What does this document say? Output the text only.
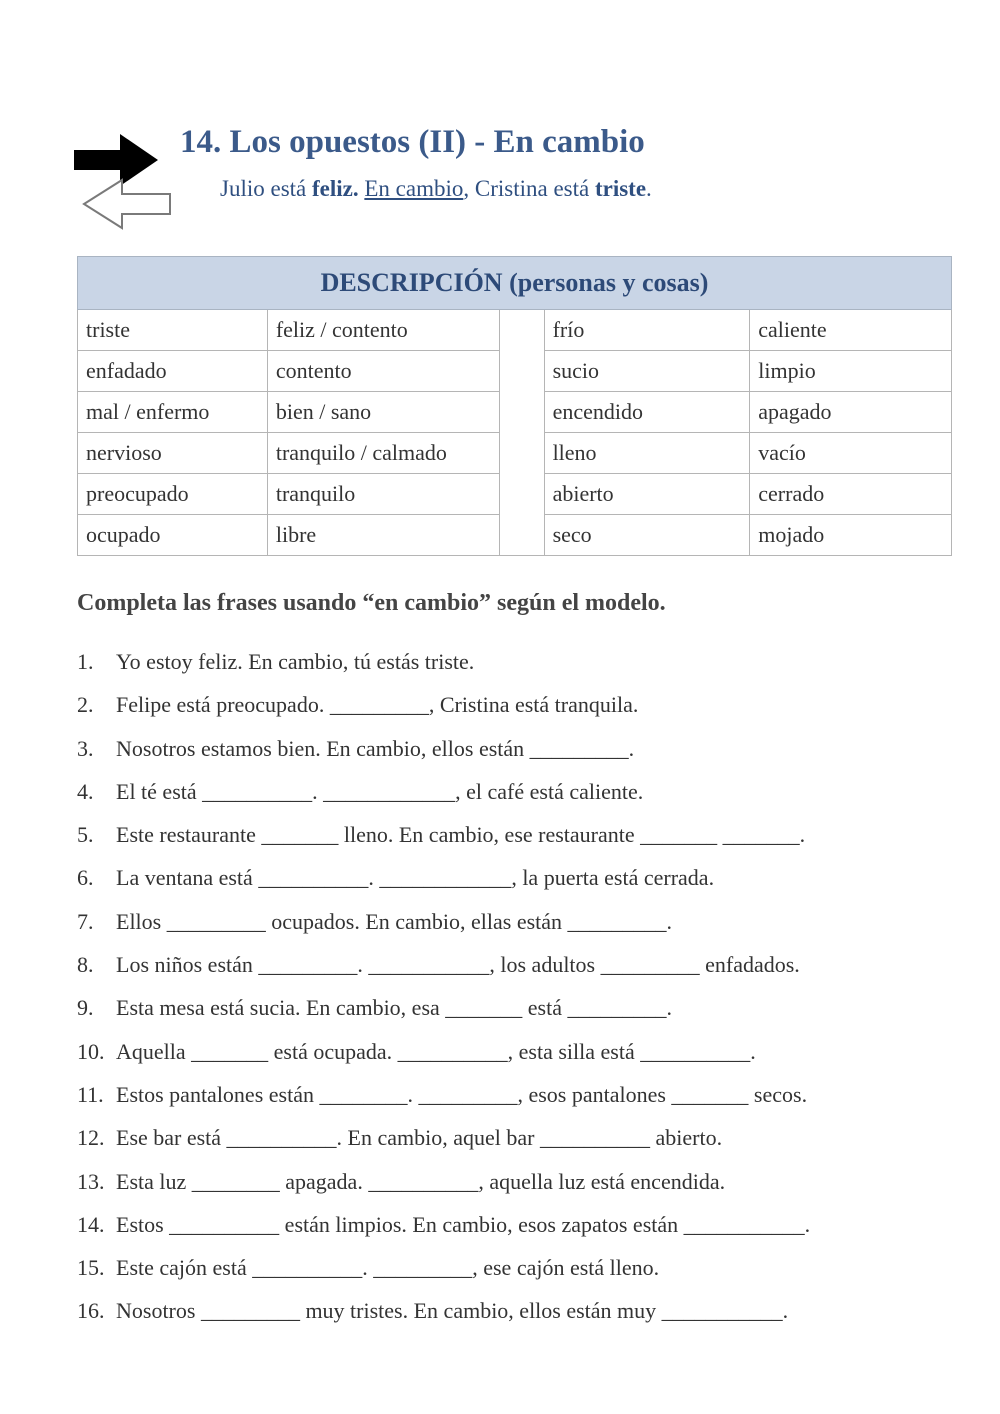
14. Los opuestos (II) - En cambio
Julio está feliz. En cambio, Cristina está triste.
DESCRIPCIÓN (personas y cosas)				
triste	feliz / contento		frío	caliente
enfadado	contento		sucio	limpio
mal / enfermo	bien / sano		encendido	apagado
nervioso	tranquilo / calmado		lleno	vacío
preocupado	tranquilo		abierto	cerrado
ocupado	libre		seco	mojado
Completa las frases usando “en cambio” según el modelo.
1. Yo estoy feliz. En cambio, tú estás triste.
2. Felipe está preocupado. _________, Cristina está tranquila.
3. Nosotros estamos bien. En cambio, ellos están _________.
4. El té está __________. ____________, el café está caliente.
5. Este restaurante _______ lleno. En cambio, ese restaurante _______ _______.
6. La ventana está __________. ____________, la puerta está cerrada.
7. Ellos _________ ocupados. En cambio, ellas están _________.
8. Los niños están _________. ___________, los adultos _________ enfadados.
9. Esta mesa está sucia. En cambio, esa _______ está _________.
10. Aquella _______ está ocupada. __________, esta silla está __________.
11. Estos pantalones están ________. _________, esos pantalones _______ secos.
12. Ese bar está __________. En cambio, aquel bar __________ abierto.
13. Esta luz ________ apagada. __________, aquella luz está encendida.
14. Estos __________ están limpios. En cambio, esos zapatos están ___________.
15. Este cajón está __________. _________, ese cajón está lleno.
16. Nosotros _________ muy tristes. En cambio, ellos están muy ___________.
